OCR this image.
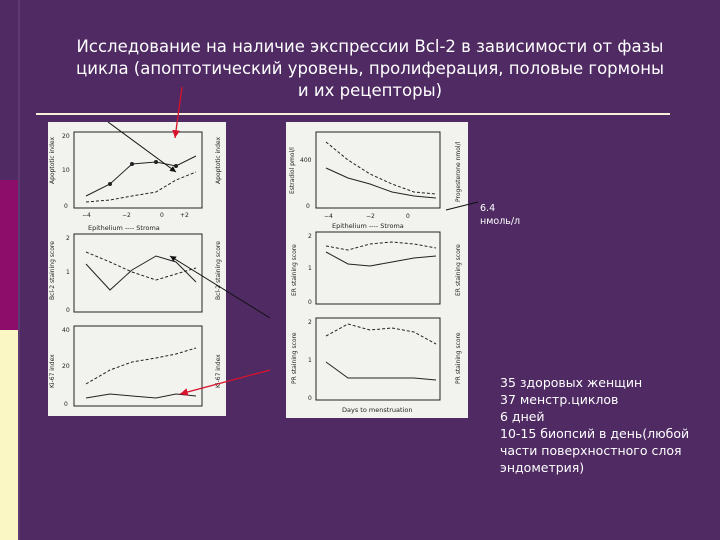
Исследование на наличие экспрессии Bcl-2 в зависимости от фазы
цикла (апоптотический уровень, пролиферация, половые гормоны
и их рецепторы)
Apoptotic index	Apoptotic index
0
10
20
−4	−2	0	+2
Epithelium ---- Stroma
Bcl-2 staining score	Bcl-2 staining score
0
1
2
Ki-67 index	Ki-67 index
0
20
40
Estradiol pmol/l	Progesterone nmol/l
0
400
−4	−2	0
Epithelium ---- Stroma
ER staining score	ER staining score
0
1
2
PR staining score	PR staining score
0
1
2
Days to menstruation
6.4
нмоль/л
35 здоровых женщин
37 менстр.циклов
6 дней
10-15 биопсий в день(любой
части поверхностного слоя
эндометрия)
